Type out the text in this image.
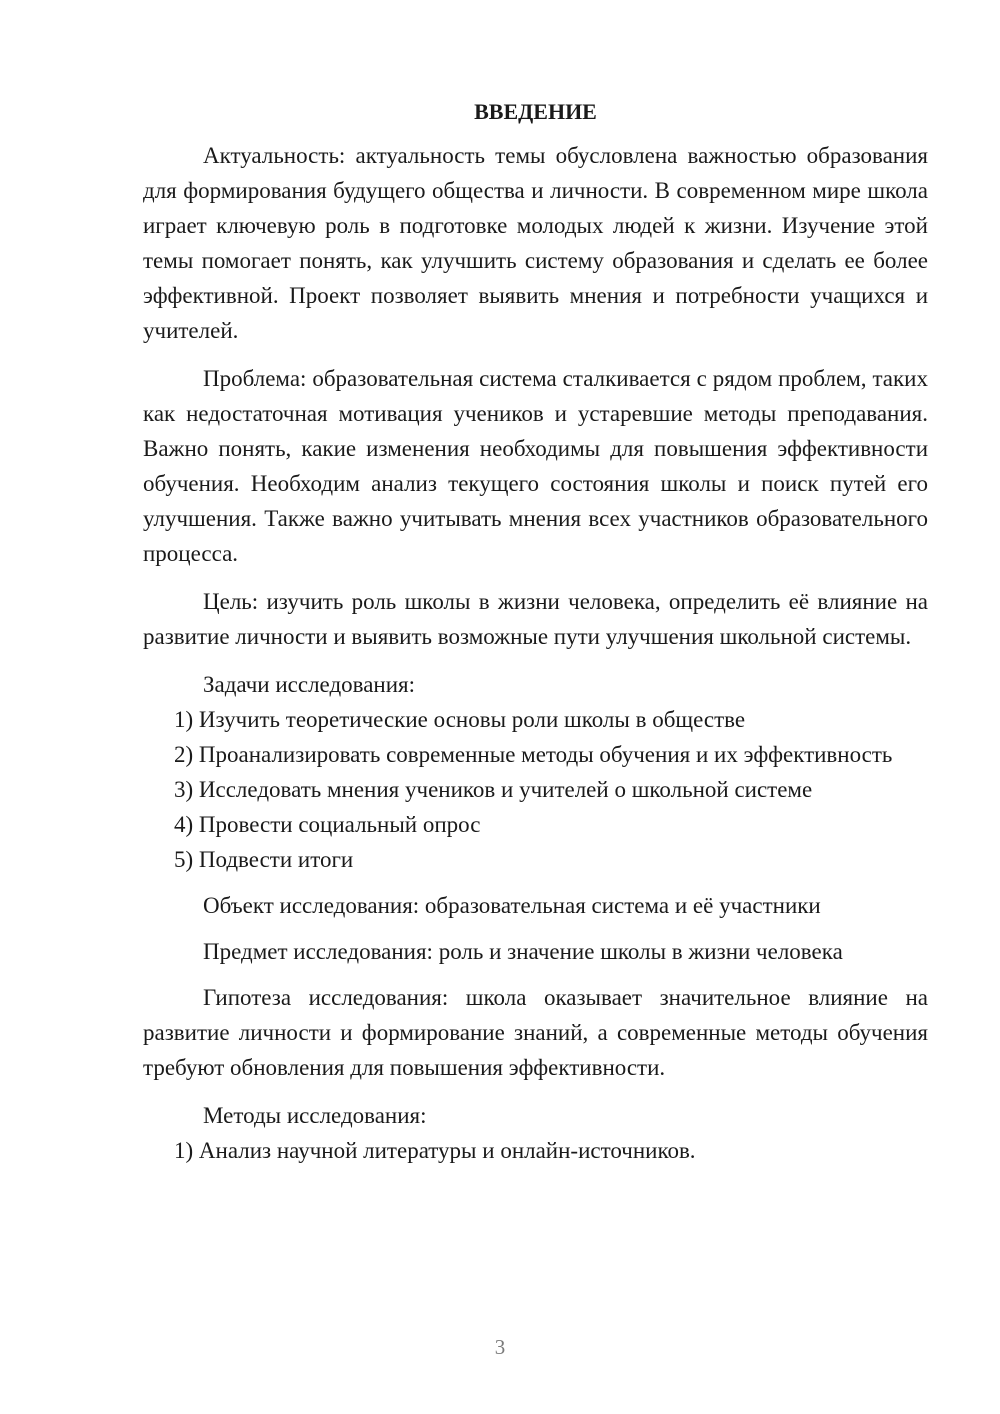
ВВЕДЕНИЕ

Актуальность: актуальность темы обусловлена важностью образования для формирования будущего общества и личности. В современном мире школа играет ключевую роль в подготовке молодых людей к жизни. Изучение этой темы помогает понять, как улучшить систему образования и сделать ее более эффективной. Проект позволяет выявить мнения и потребности учащихся и учителей.

Проблема: образовательная система сталкивается с рядом проблем, таких как недостаточная мотивация учеников и устаревшие методы преподавания. Важно понять, какие изменения необходимы для повышения эффективности обучения. Необходим анализ текущего состояния школы и поиск путей его улучшения. Также важно учитывать мнения всех участников образовательного процесса.

Цель: изучить роль школы в жизни человека, определить её влияние на развитие личности и выявить возможные пути улучшения школьной системы.

Задачи исследования:

1) Изучить теоретические основы роли школы в обществе

2) Проанализировать современные методы обучения и их эффективность

3) Исследовать мнения учеников и учителей о школьной системе

4) Провести социальный опрос

5) Подвести итоги

Объект исследования: образовательная система и её участники

Предмет исследования: роль и значение школы в жизни человека

Гипотеза исследования: школа оказывает значительное влияние на развитие личности и формирование знаний, а современные методы обучения требуют обновления для повышения эффективности.

Методы исследования:

1) Анализ научной литературы и онлайн-источников.

3
